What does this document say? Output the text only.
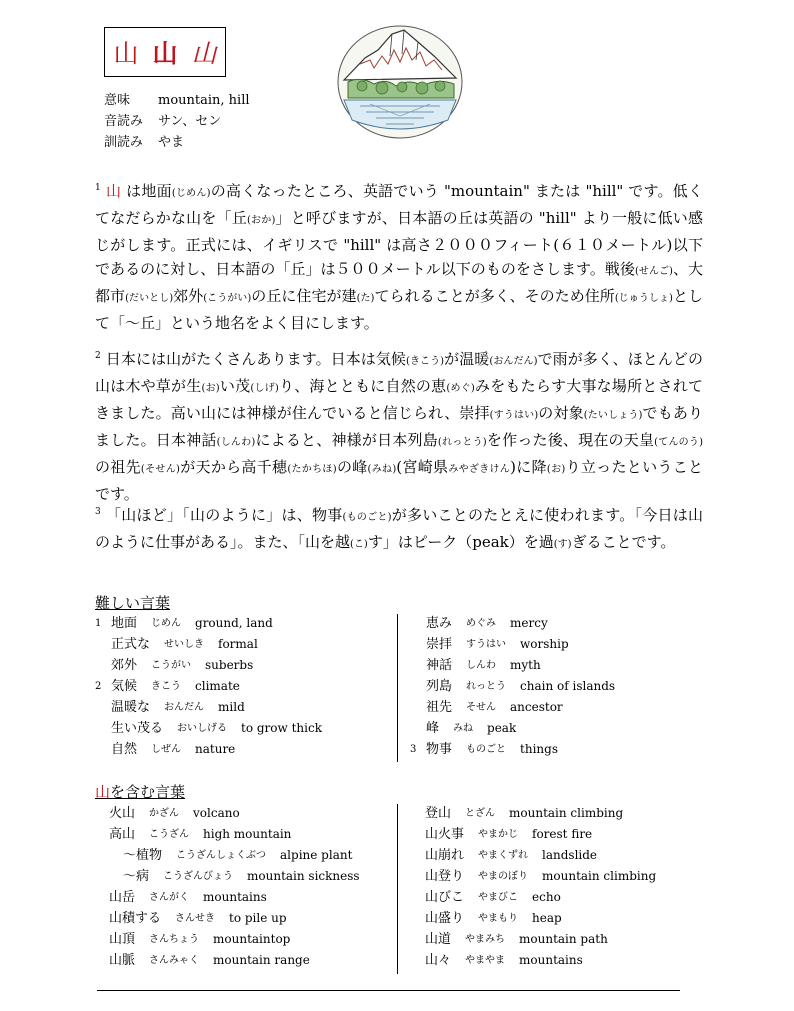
山 山 山
意味	mountain, hill
音読み	サン、セン
訓読み	やま

$^1$ 山 は地面(じめん)の高くなったところ、英語でいう "mountain" または "hill" です。低くてなだらかな山を「丘(おか)」と呼びますが、日本語の丘は英語の "hill" より一般に低い感じがします。正式には、イギリスで "hill" は高さ２０００フィート(６１０メートル)以下であるのに対し、日本語の「丘」は５００メートル以下のものをさします。戦後(せんご)、大都市(だいとし)郊外(こうがい)の丘に住宅が建(た)てられることが多く、そのため住所(じゅうしょ)として「～丘」という地名をよく目にします。

$^2$ 日本には山がたくさんあります。日本は気候(きこう)が温暖(おんだん)で雨が多く、ほとんどの山は木や草が生(お)い茂(しげ)り、海とともに自然の恵(めぐ)みをもたらす大事な場所とされてきました。高い山には神様が住んでいると信じられ、崇拝(すうはい)の対象(たいしょう)でもありました。日本神話(しんわ)によると、神様が日本列島(れっとう)を作った後、現在の天皇(てんのう)の祖先(そせん)が天から高千穂(たかちほ)の峰(みね)(宮崎県みやざきけん)に降(お)り立ったということです。

$^3$ 「山ほど」「山のように」は、物事(ものごと)が多いことのたとえに使われます。「今日は山のように仕事がある」。また、「山を越(こ)す」はピーク（peak）を過(す)ぎることです。

難しい言葉
1 地面 じめん ground, land
正式な せいしき formal
郊外 こうがい suberbs
2 気候 きこう climate
温暖な おんだん mild
生い茂る おいしげる to grow thick
自然 しぜん nature
恵み めぐみ mercy
崇拝 すうはい worship
神話 しんわ myth
列島 れっとう chain of islands
祖先 そせん ancestor
峰 みね peak
3 物事 ものごと things
山を含む言葉
火山 かざん volcano
高山 こうざん high mountain
～植物 こうざんしょくぶつ alpine plant
～病 こうざんびょう mountain sickness
山岳 さんがく mountains
山積する さんせき to pile up
山頂 さんちょう mountaintop
山脈 さんみゃく mountain range
登山 とざん mountain climbing
山火事 やまかじ forest fire
山崩れ やまくずれ landslide
山登り やまのぼり mountain climbing
山びこ やまびこ echo
山盛り やまもり heap
山道 やまみち mountain path
山々 やまやま mountains
